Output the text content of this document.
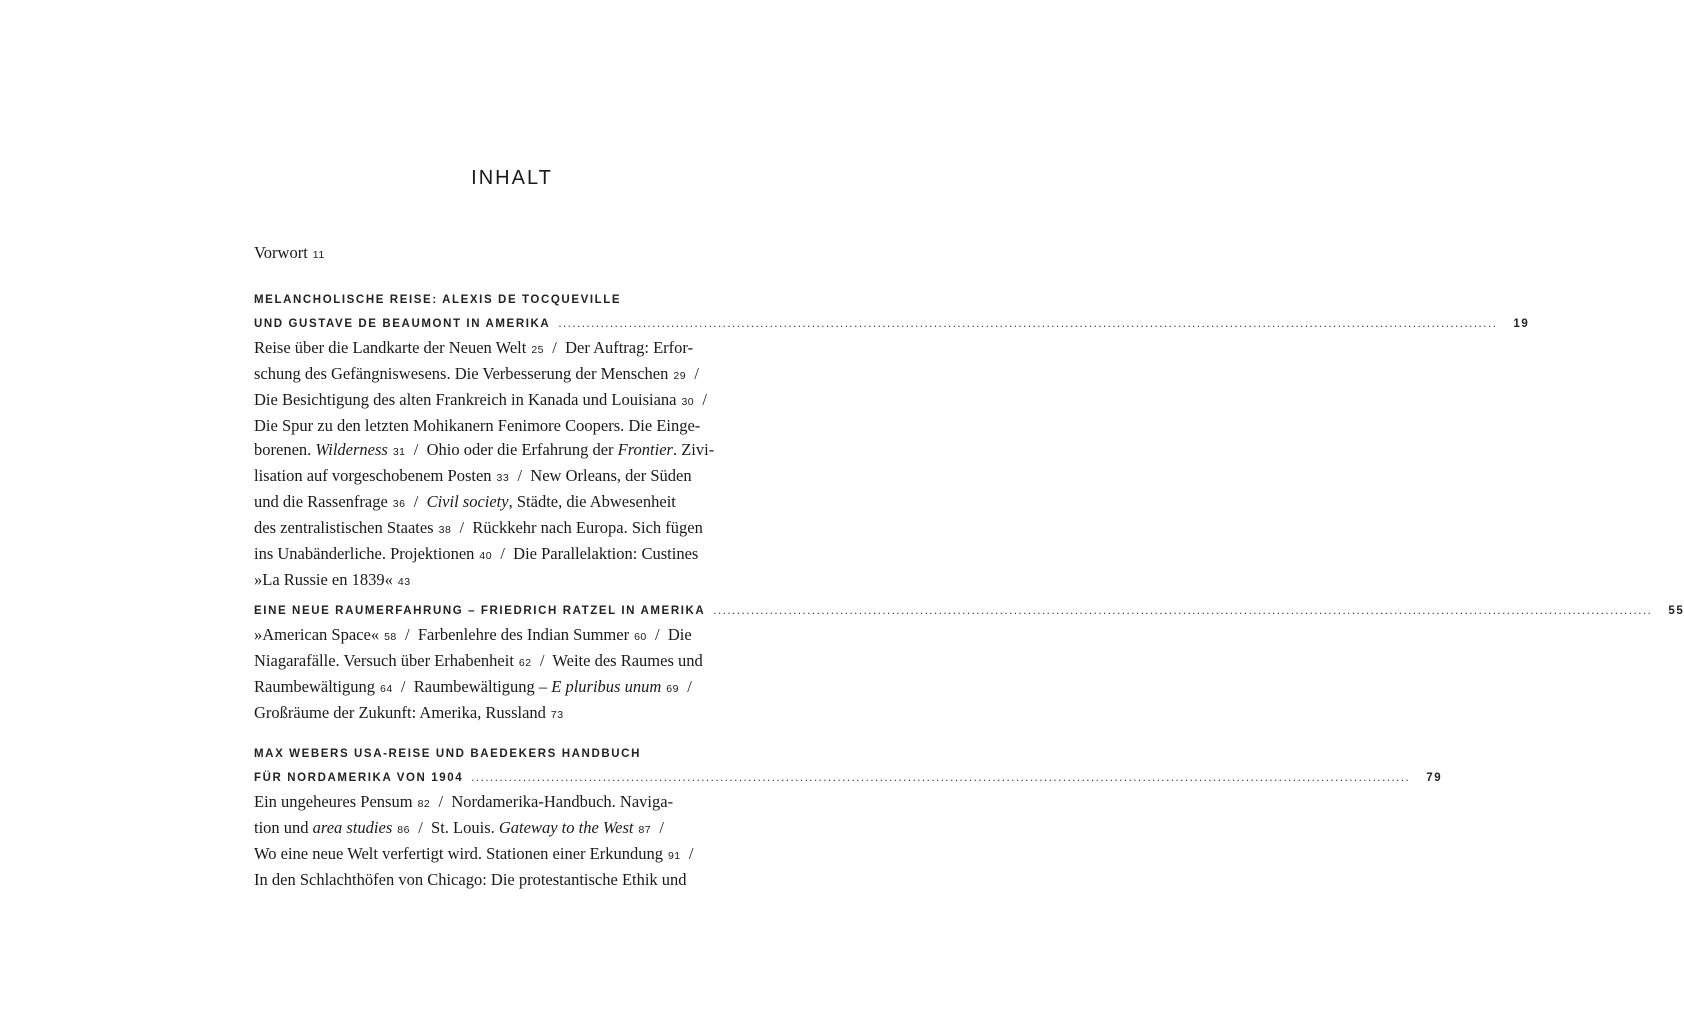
INHALT
Vorwort 11
MELANCHOLISCHE REISE: ALEXIS DE TOCQUEVILLE
UND GUSTAVE DE BEAUMONT IN AMERIKA ........................................................................................................................................................................................................	19
Reise über die Landkarte der Neuen Welt 25  /  Der Auftrag: Erfor-
schung des Gefängniswesens. Die Verbesserung der Menschen 29  /
Die Besichtigung des alten Frankreich in Kanada und Louisiana 30  /
Die Spur zu den letzten Mohikanern Fenimore Coopers. Die Einge-
borenen. Wilderness 31  /  Ohio oder die Erfahrung der Frontier. Zivi-
lisation auf vorgeschobenem Posten 33  /  New Orleans, der Süden
und die Rassenfrage 36  /  Civil society, Städte, die Abwesenheit
des zentralistischen Staates 38  /  Rückkehr nach Europa. Sich fügen
ins Unabänderliche. Projektionen 40  /  Die Parallelaktion: Custines
»La Russie en 1839« 43
EINE NEUE RAUMERFAHRUNG – FRIEDRICH RATZEL IN AMERIKA ........................................................................................................................................................................................................	55
»American Space« 58  /  Farbenlehre des Indian Summer 60  /  Die
Niagarafälle. Versuch über Erhabenheit 62  /  Weite des Raumes und
Raumbewältigung 64  /  Raumbewältigung – E pluribus unum 69  /
Großräume der Zukunft: Amerika, Russland 73
MAX WEBERS USA-REISE UND BAEDEKERS HANDBUCH
FÜR NORDAMERIKA VON 1904 ........................................................................................................................................................................................................	79
Ein ungeheures Pensum 82  /  Nordamerika-Handbuch. Naviga-
tion und area studies 86  /  St. Louis. Gateway to the West 87  /
Wo eine neue Welt verfertigt wird. Stationen einer Erkundung 91  /
In den Schlachthöfen von Chicago: Die protestantische Ethik und
